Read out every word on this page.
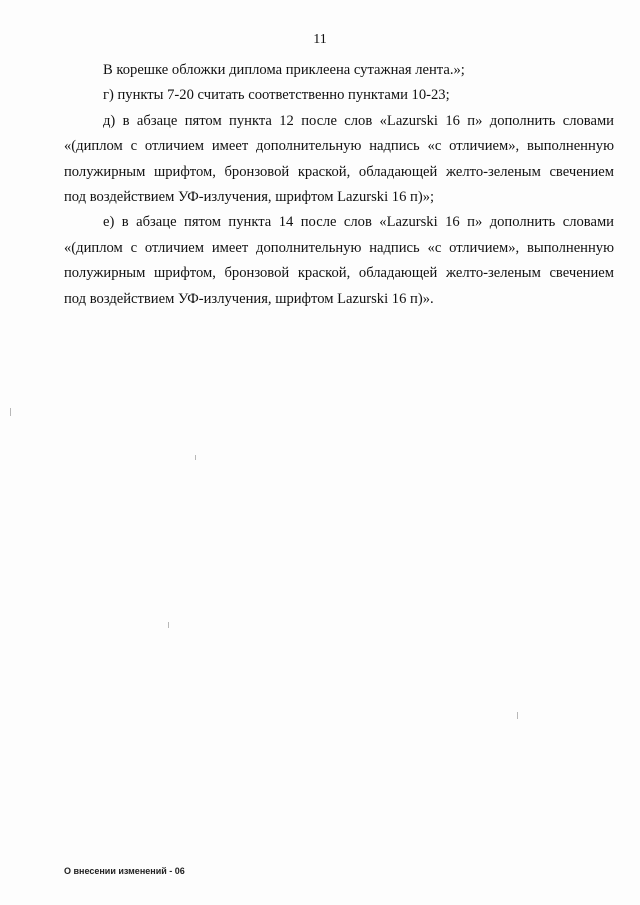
11

В корешке обложки диплома приклеена сутажная лента.»;

г) пункты 7-20 считать соответственно пунктами 10-23;

д) в абзаце пятом пункта 12 после слов «Lazurski 16 п» дополнить словами
«(диплом с отличием имеет дополнительную надпись «с отличием», выполненную
полужирным шрифтом, бронзовой краской, обладающей желто-зеленым свечением
под воздействием УФ-излучения, шрифтом Lazurski 16 п)»;

е) в абзаце пятом пункта 14 после слов «Lazurski 16 п» дополнить словами
«(диплом с отличием имеет дополнительную надпись «с отличием», выполненную
полужирным шрифтом, бронзовой краской, обладающей желто-зеленым свечением
под воздействием УФ-излучения, шрифтом Lazurski 16 п)».

О внесении изменений - 06
